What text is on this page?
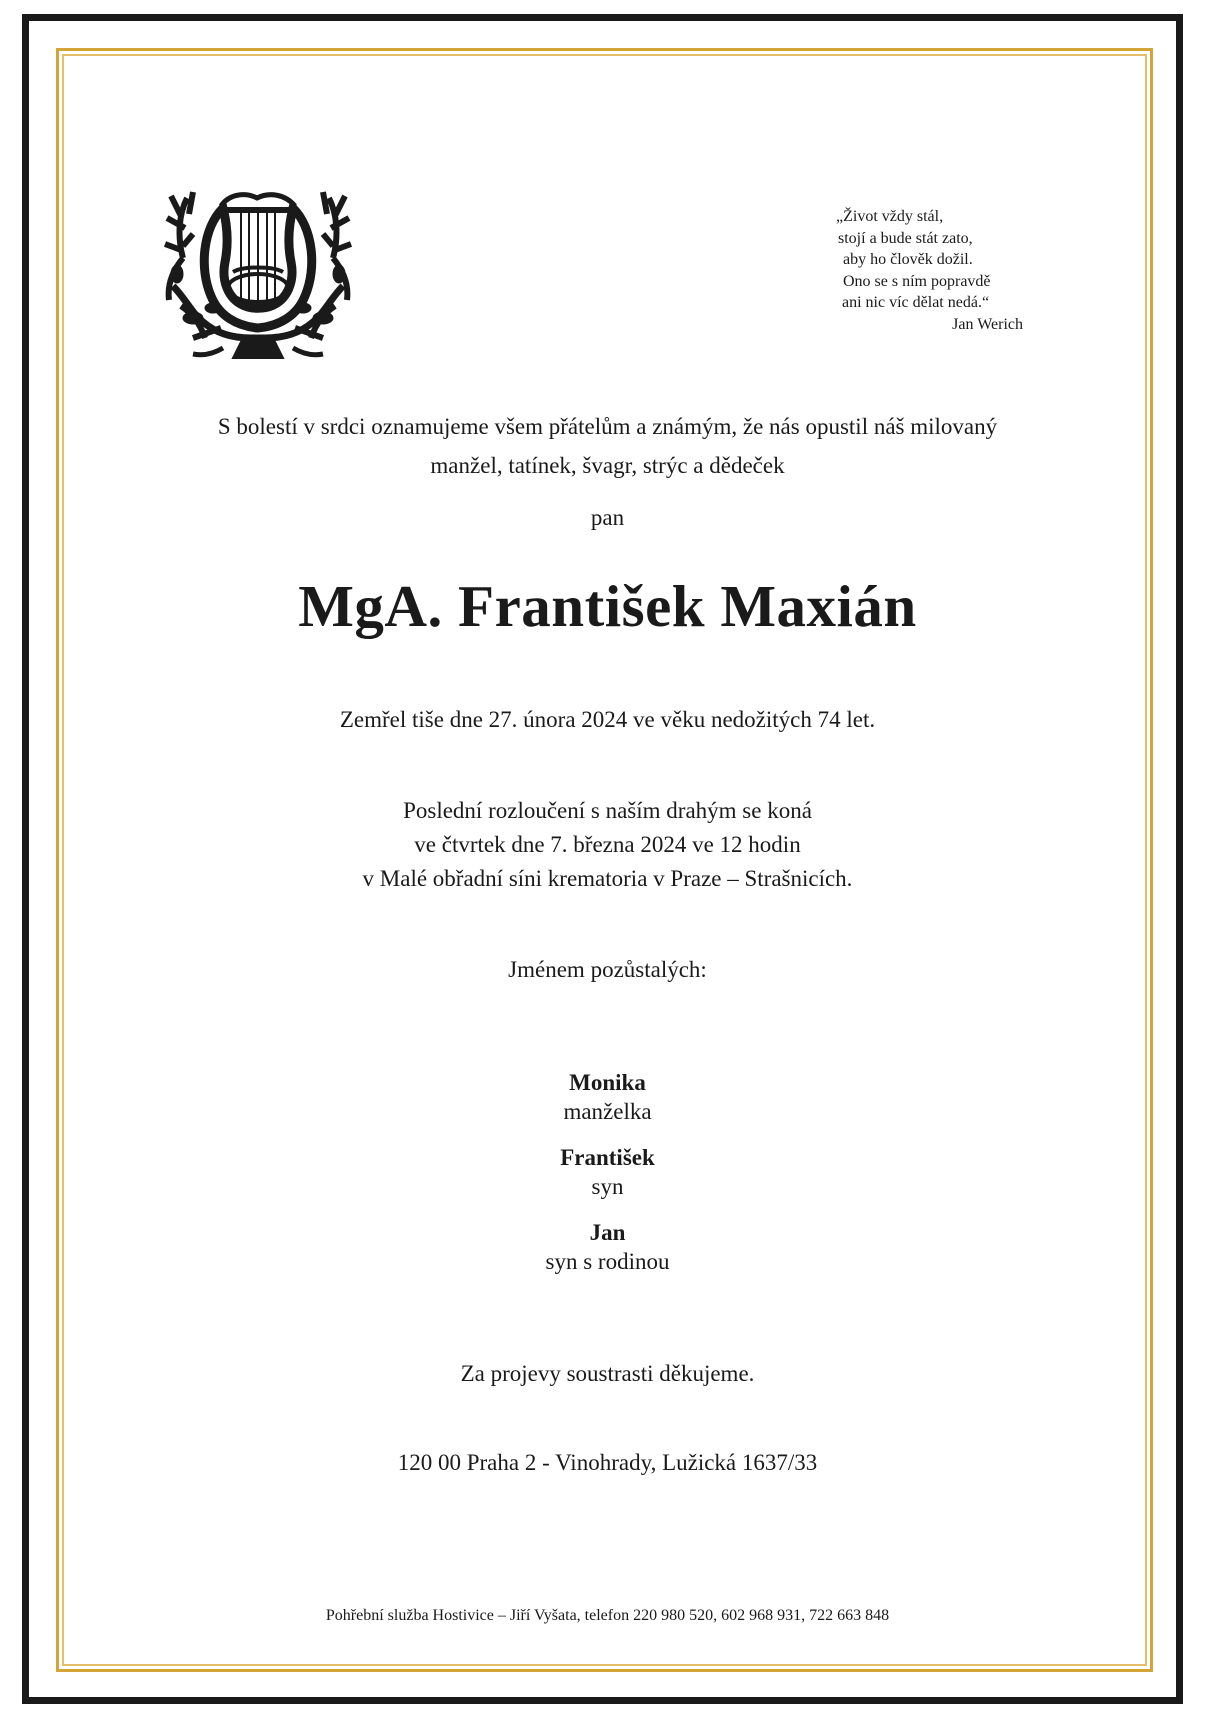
„Život vždy stál,
stojí a bude stát zato,
aby ho člověk dožil.
Ono se s ním popravdě
ani nic víc dělat nedá.“
Jan Werich
S bolestí v srdci oznamujeme všem přátelům a známým, že nás opustil náš milovaný
manžel, tatínek, švagr, strýc a dědeček
pan
MgA. František Maxián
Zemřel tiše dne 27. února 2024 ve věku nedožitých 74 let.
Poslední rozloučení s naším drahým se koná
ve čtvrtek dne 7. března 2024 ve 12 hodin
v Malé obřadní síni krematoria v Praze – Strašnicích.
Jménem pozůstalých:
Monika
manželka
František
syn
Jan
syn s rodinou
Za projevy soustrasti děkujeme.
120 00 Praha 2 - Vinohrady, Lužická 1637/33
Pohřební služba Hostivice – Jiří Vyšata, telefon 220 980 520, 602 968 931, 722 663 848
